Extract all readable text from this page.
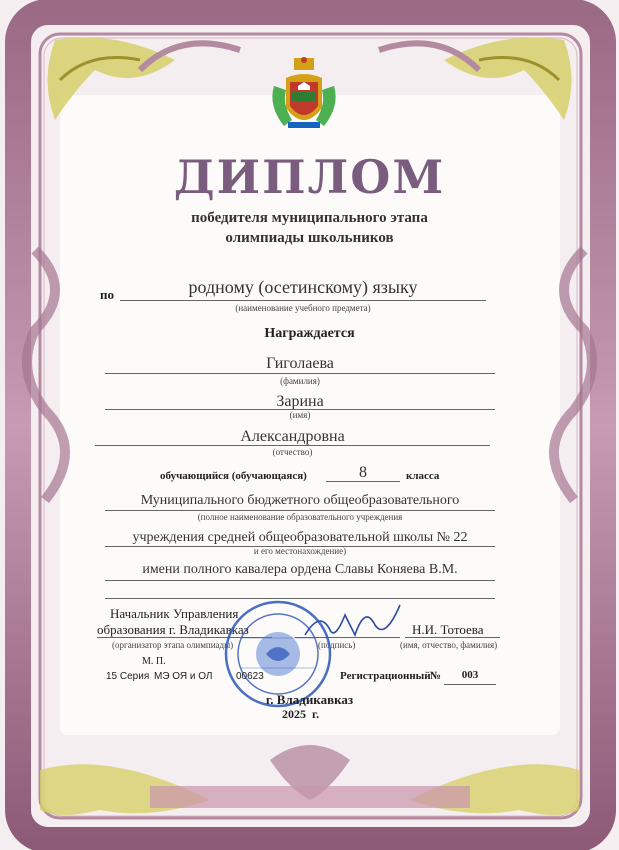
ДИПЛОМ
победителя муниципального этапа
олимпиады школьников
по	родному (осетинскому) языку
(наименование учебного предмета)
Награждается
Гиголаева
(фамилия)
Зарина
(имя)
Александровна
(отчество)
обучающийся (обучающаяся)	8	класса
Муниципального бюджетного общеобразовательного
(полное наименование образовательного учреждения
учреждения средней общеобразовательной школы № 22
и его местонахождение)
имени полного кавалера ордена Славы Коняева В.М.
Начальник Управления
образования г. Владикавказ
(организатор этапа олимпиады)	(подпись)
Н.И. Тотоева
(имя, отчество, фамилия)
М. П.
15 Серия МЭ ОЯ и ОЛ 00623	Регистрационный №	003
г. Владикавказ
2025 г.
